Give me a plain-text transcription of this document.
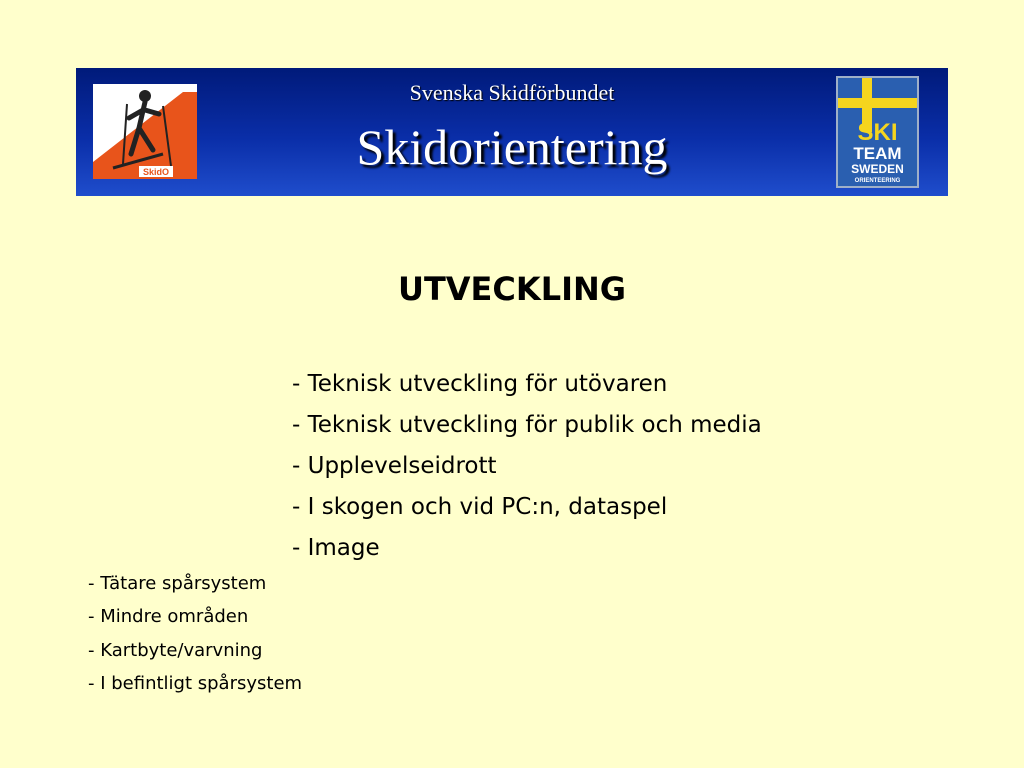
SkidO
Svenska Skidförbundet
Skidorientering	SKI
TEAM
SWEDEN
ORIENTEERING
UTVECKLING
- Teknisk utveckling för utövaren
- Teknisk utveckling för publik och media
- Upplevelseidrott
- I skogen och vid PC:n, dataspel
- Image
- Tätare spårsystem
- Mindre områden
- Kartbyte/varvning
- I befintligt spårsystem
